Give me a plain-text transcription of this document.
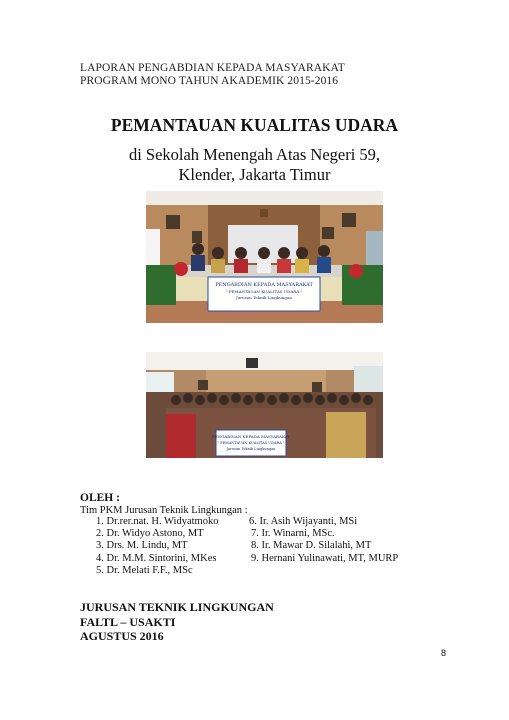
LAPORAN PENGABDIAN KEPADA MASYARAKAT
PROGRAM MONO TAHUN AKADEMIK 2015-2016
PEMANTAUAN KUALITAS UDARA
di Sekolah Menengah Atas Negeri 59,
Klender, Jakarta Timur
PENGABDIAN KEPADA MASYARAKAT
" PEMANTAUAN KUALITAS UDARA "
Jurusan Teknik Lingkungan
PENGABDIAN KEPADA MASYARAKAT
" PEMANTAUAN KUALITAS UDARA "
Jurusan Teknik Lingkungan
OLEH :
Tim PKM Jurusan Teknik Lingkungan :
1. Dr.rer.nat. H. Widyatmoko
2. Dr. Widyo Astono, MT
3. Drs. M. Lindu, MT
4. Dr. M.M. Sintorini, MKes
5. Dr. Melati F.F., MSc
6. Ir. Asih Wijayanti, MSi
7. Ir. Winarni, MSc.
8. Ir. Mawar D. Silalahi, MT
9. Hernani Yulinawati, MT, MURP
JURUSAN TEKNIK LINGKUNGAN
FALTL – USAKTI
AGUSTUS 2016
8
